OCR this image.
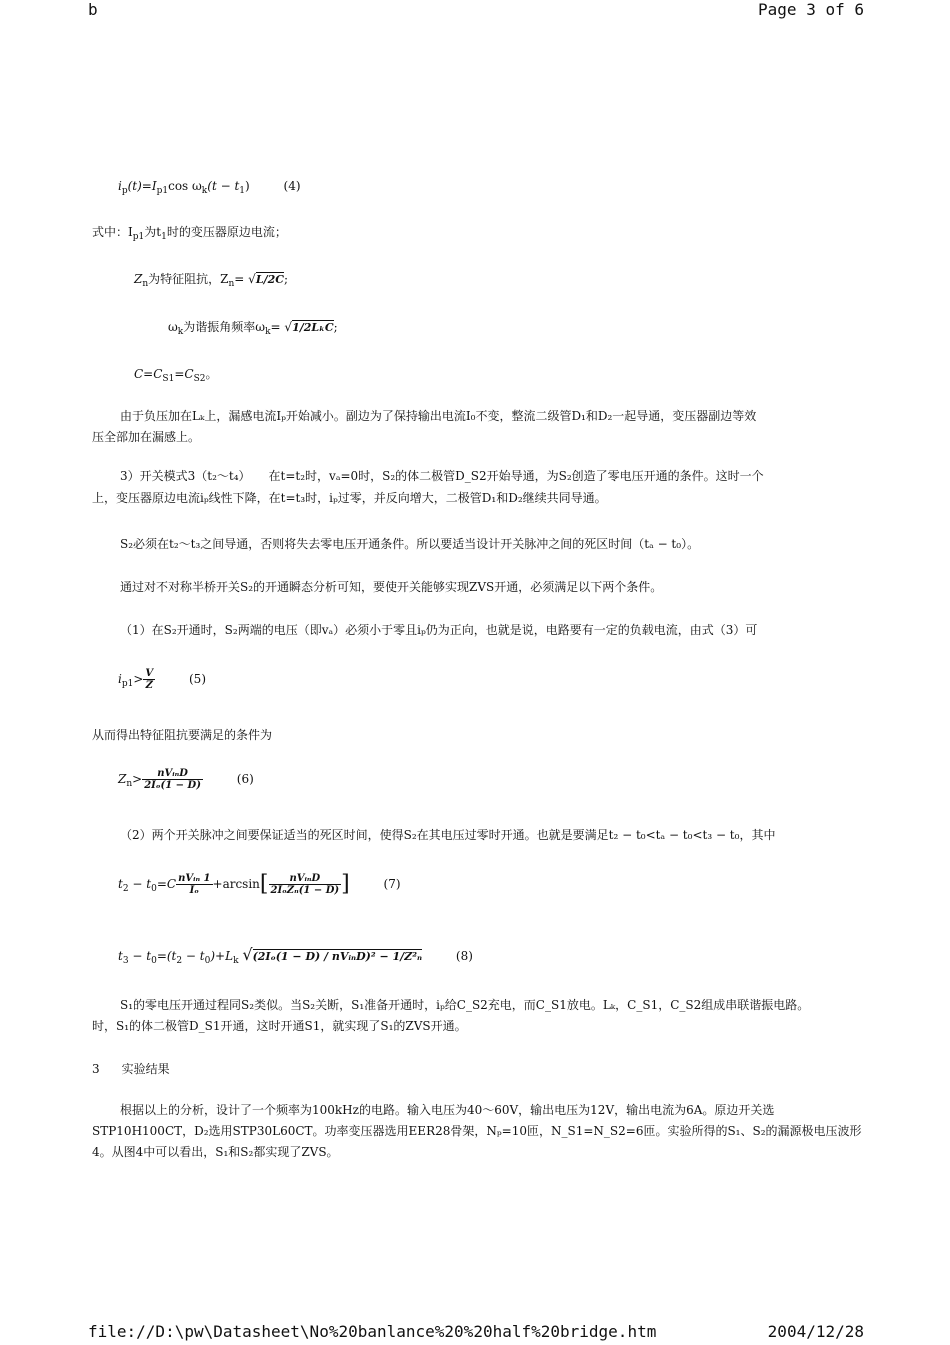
b	Page 3 of 6
$i_p(t)=I_{p1}\cos$ $\omega_k(t - t_1)$	(4)
式中：$I_{p1}$为$t_1$时的变压器原边电流；
$Z_n$为特征阻抗，$Z_n= √L/2C$;
$\omega_k$为谐振角频率$\omega_k= √1/2L_kC$;
$C=C_{S1}=C_{S2}$。
由于负压加在Lₖ上，漏感电流Iₚ开始减小。副边为了保持输出电流I₀不变，整流二级管D₁和D₂一起导通，变压器副边等效
压全部加在漏感上。
3）开关模式3（t₂～t₄）　　在t=t₂时，vₐ=0时，S₂的体二极管D_S2开始导通，为S₂创造了零电压开通的条件。这时一个
上，变压器原边电流iₚ线性下降，在t=t₃时，iₚ过零，并反向增大，二极管D₁和D₂继续共同导通。
S₂必须在t₂～t₃之间导通，否则将失去零电压开通条件。所以要适当设计开关脉冲之间的死区时间（tₐ − t₀）。
通过对不对称半桥开关S₂的开通瞬态分析可知，要使开关能够实现ZVS开通，必须满足以下两个条件。
（1）在S₂开通时，S₂两端的电压（即vₐ）必须小于零且iₚ仍为正向，也就是说，电路要有一定的负载电流，由式（3）可
$i_{p1}> \frac{V}{Z}$	(5)
从而得出特征阻抗要满足的条件为
$Z_n> \frac{\text{nVᵢₙD}}{\text{2Iₒ(1 − D)}}$	(6)
（2）两个开关脉冲之间要保证适当的死区时间，使得S₂在其电压过零时开通。也就是要满足t₂ − t₀<tₐ − t₀<t₃ − t₀，其中
$t_2 - t_0=C \frac{\text{nVᵢₙ 1}}{\text{Iₒ}} +\arcsin[ \frac{\text{nVᵢₙD}}{\text{2IₒZₙ(1 − D)}}$ ]	(7)
$t_3 - t_0=(t_2 - t_0)+L_k$ √(2Iₒ(1 − D) / nVᵢₙD)² − 1/Z²ₙ	(8)
S₁的零电压开通过程同S₂类似。当S₂关断，S₁准备开通时，iₚ给C_S2充电，而C_S1放电。Lₖ，C_S1，C_S2组成串联谐振电路。
时，S₁的体二极管D_S1开通，这时开通S1，就实现了S₁的ZVS开通。
3 实验结果
根据以上的分析，设计了一个频率为100kHz的电路。输入电压为40～60V，输出电压为12V，输出电流为6A。原边开关选
STP10H100CT，D₂选用STP30L60CT。功率变压器选用EER28骨架，Nₚ=10匝，N_S1=N_S2=6匝。实验所得的S₁、S₂的漏源极电压波形
4。从图4中可以看出，S₁和S₂都实现了ZVS。
file://D:\pw\Datasheet\No%20banlance%20%20half%20bridge.htm	2004/12/28
